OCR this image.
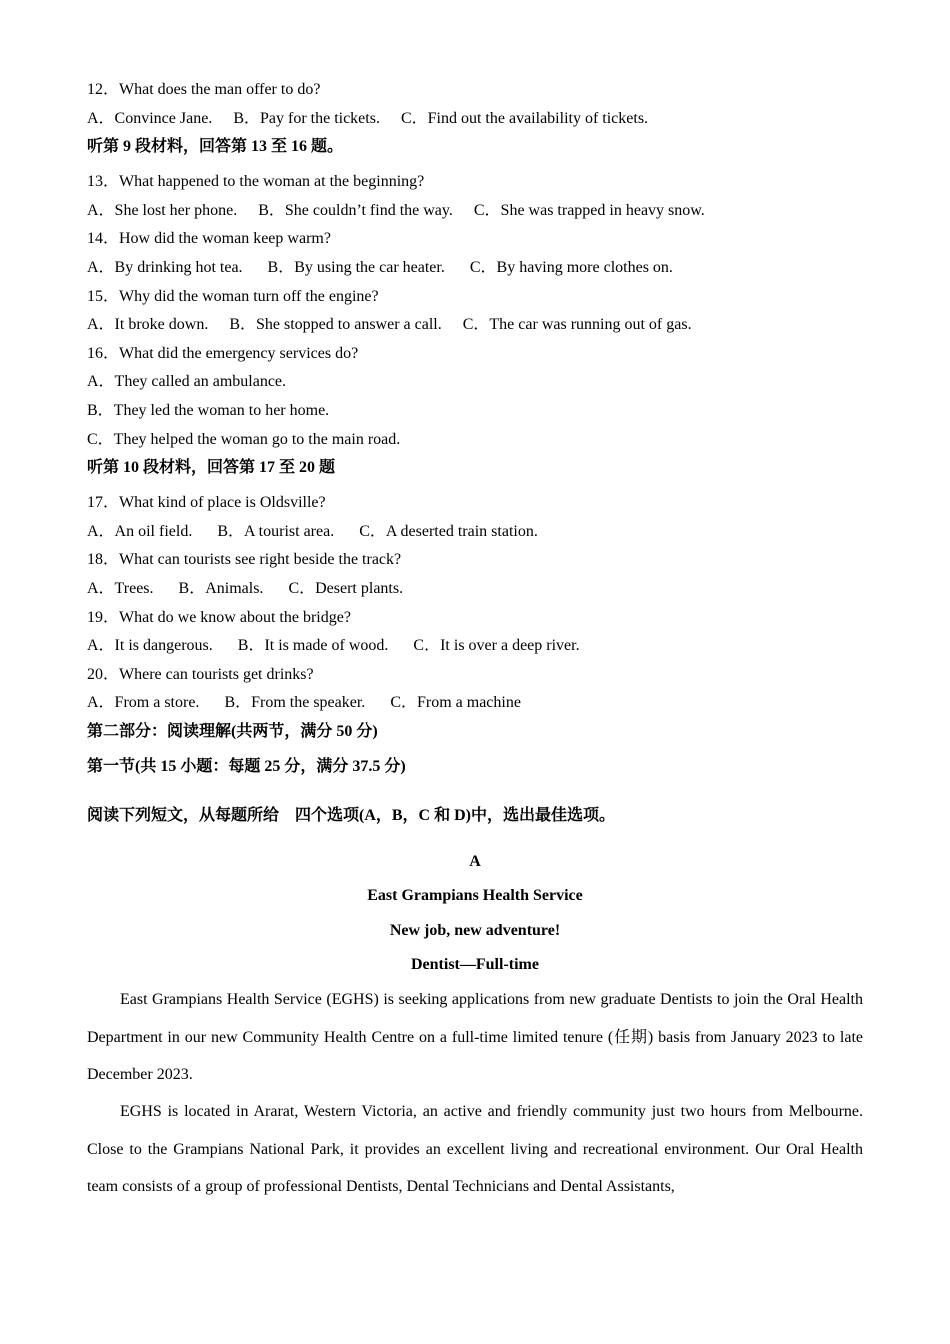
12．What does the man offer to do?
A．Convince Jane. B．Pay for the tickets. C．Find out the availability of tickets.
听第 9 段材料，回答第 13 至 16 题。
13．What happened to the woman at the beginning?
A．She lost her phone. B．She couldn’t find the way. C．She was trapped in heavy snow.
14．How did the woman keep warm?
A．By drinking hot tea. B．By using the car heater. C．By having more clothes on.
15．Why did the woman turn off the engine?
A．It broke down. B．She stopped to answer a call. C．The car was running out of gas.
16．What did the emergency services do?
A．They called an ambulance.
B．They led the woman to her home.
C．They helped the woman go to the main road.
听第 10 段材料，回答第 17 至 20 题
17．What kind of place is Oldsville?
A．An oil field. B．A tourist area. C．A deserted train station.
18．What can tourists see right beside the track?
A．Trees. B．Animals. C．Desert plants.
19．What do we know about the bridge?
A．It is dangerous. B．It is made of wood. C．It is over a deep river.
20．Where can tourists get drinks?
A．From a store. B．From the speaker. C．From a machine
第二部分：阅读理解(共两节，满分 50 分)
第一节(共 15 小题：每题 25 分，满分 37.5 分)
阅读下列短文，从每题所给　四个选项(A，B，C 和 D)中，选出最佳选项。
A
East Grampians Health Service
New job, new adventure!
Dentist—Full-time

East Grampians Health Service (EGHS) is seeking applications from new graduate Dentists to join the Oral Health Department in our new Community Health Centre on a full-time limited tenure (任期) basis from January 2023 to late December 2023.

EGHS is located in Ararat, Western Victoria, an active and friendly community just two hours from Melbourne. Close to the Grampians National Park, it provides an excellent living and recreational environment. Our Oral Health team consists of a group of professional Dentists, Dental Technicians and Dental Assistants,
